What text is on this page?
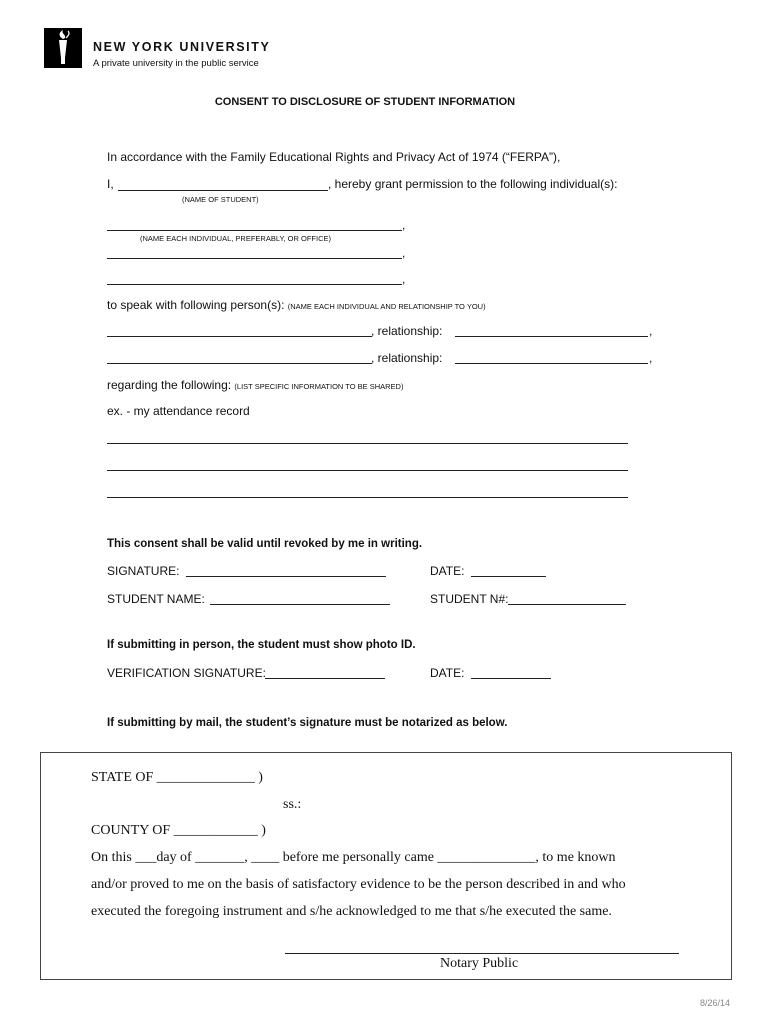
NEW YORK UNIVERSITY
A private university in the public service
CONSENT TO DISCLOSURE OF STUDENT INFORMATION
In accordance with the Family Educational Rights and Privacy Act of 1974 (“FERPA”),
I,	, hereby grant permission to the following individual(s):
(NAME OF STUDENT)
,
(NAME EACH INDIVIDUAL, PREFERABLY, OR OFFICE)
,
,
to speak with following person(s): (NAME EACH INDIVIDUAL AND RELATIONSHIP TO YOU)
, relationship:	,
, relationship:	,
regarding the following: (LIST SPECIFIC INFORMATION TO BE SHARED)
ex. - my attendance record
This consent shall be valid until revoked by me in writing.
SIGNATURE:	DATE:
STUDENT NAME:	STUDENT N#:
If submitting in person, the student must show photo ID.
VERIFICATION SIGNATURE:	DATE:
If submitting by mail, the student’s signature must be notarized as below.
STATE OF ______________ )
ss.:
COUNTY OF ____________ )
On this ___day of _______, ____ before me personally came ______________, to me known
and/or proved to me on the basis of satisfactory evidence to be the person described in and who
executed the foregoing instrument and s/he acknowledged to me that s/he executed the same.
Notary Public
8/26/14
